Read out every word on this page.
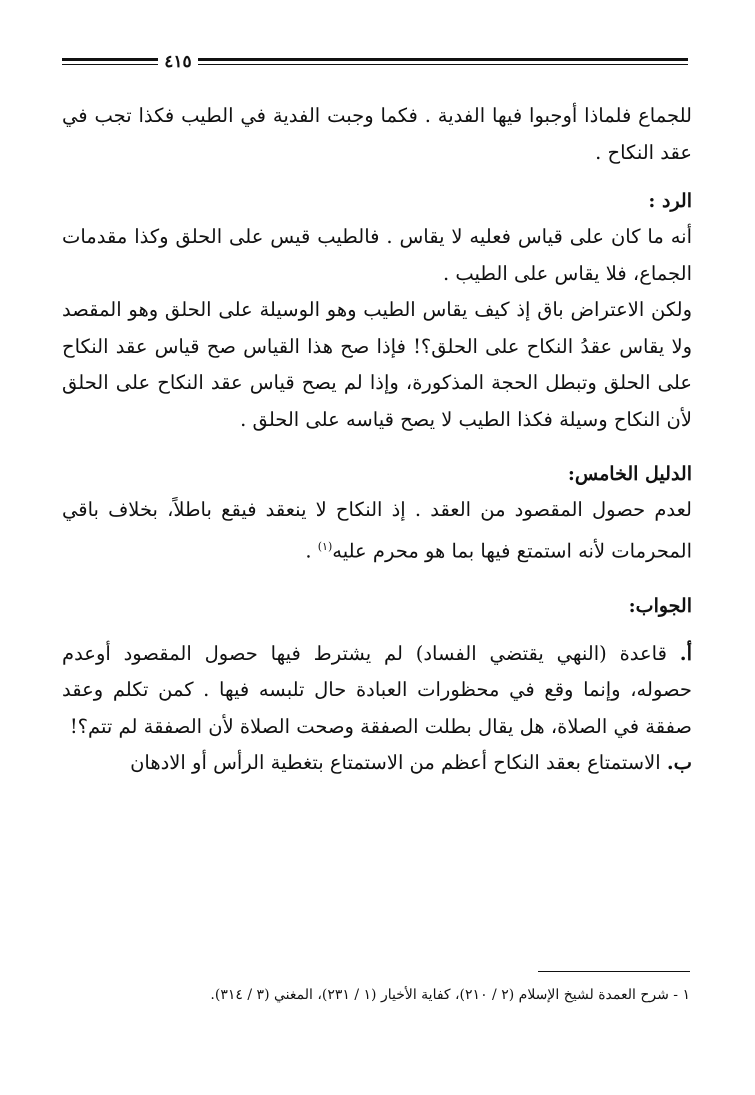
٤١٥

للجماع فلماذا أوجبوا فيها الفدية . فكما وجبت الفدية في الطيب فكذا تجب في عقد النكاح .

الرد :

أنه ما كان على قياس فعليه لا يقاس . فالطيب قيس على الحلق وكذا مقدمات الجماع، فلا يقاس على الطيب .

ولكن الاعتراض باق إذ كيف يقاس الطيب وهو الوسيلة على الحلق وهو المقصد ولا يقاس عقدُ النكاح على الحلق؟! فإذا صح هذا القياس صح قياس عقد النكاح على الحلق وتبطل الحجة المذكورة، وإذا لم يصح قياس عقد النكاح على الحلق لأن النكاح وسيلة فكذا الطيب لا يصح قياسه على الحلق .

الدليل الخامس:

لعدم حصول المقصود من العقد . إذ النكاح لا ينعقد فيقع باطلاً، بخلاف باقي المحرمات لأنه استمتع فيها بما هو محرم عليه$^{(١)}$ .

الجواب:

أ. قاعدة (النهي يقتضي الفساد) لم يشترط فيها حصول المقصود أوعدم حصوله، وإنما وقع في محظورات العبادة حال تلبسه فيها . كمن تكلم وعقد صفقة في الصلاة، هل يقال بطلت الصفقة وصحت الصلاة لأن الصفقة لم تتم؟!

ب. الاستمتاع بعقد النكاح أعظم من الاستمتاع بتغطية الرأس أو الادهان

١ - شرح العمدة لشيخ الإسلام (٢ / ٢١٠)، كفاية الأخيار (١ / ٢٣١)، المغني (٣ / ٣١٤).
